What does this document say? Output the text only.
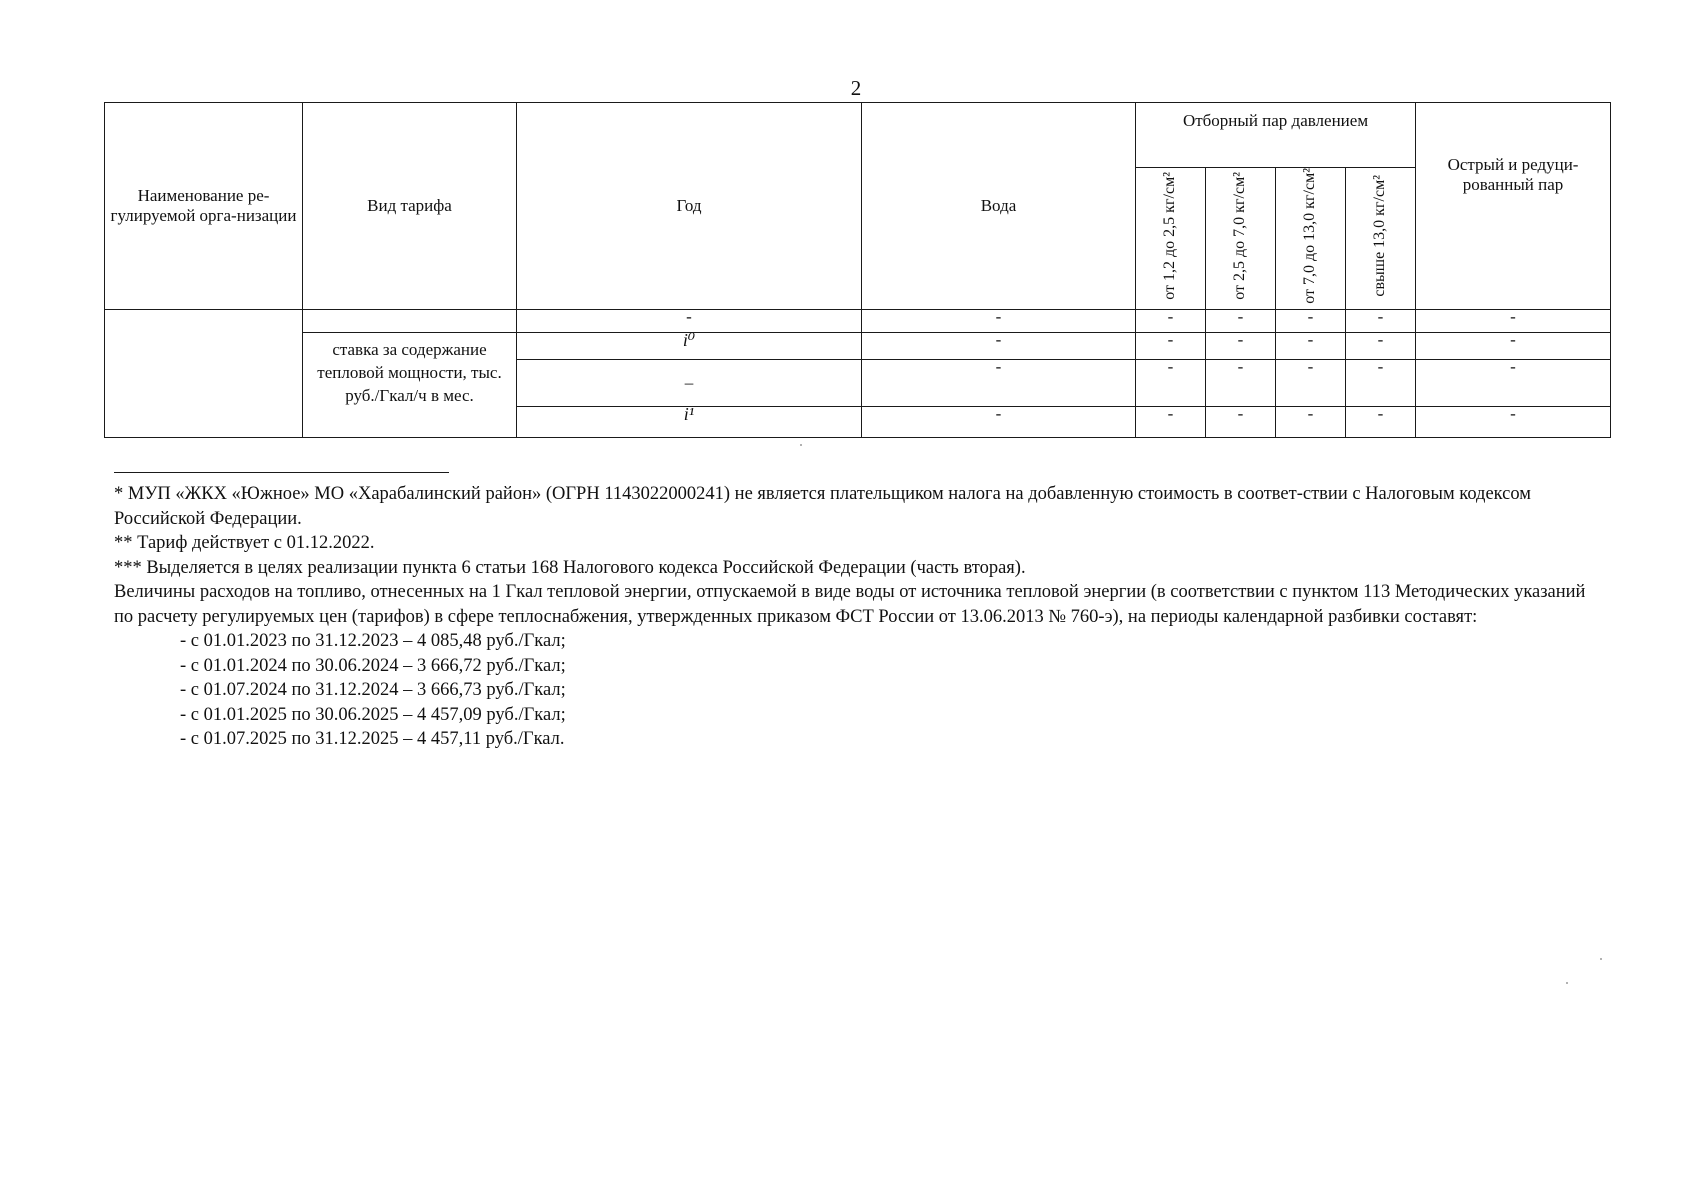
2
Наименование ре-гулируемой орга-низации	Вид тарифа	Год	Вода	Отборный пар давлением				Острый и редуци-рованный пар
				от 1,2 до 2,5 кг/см²	от 2,5 до 7,0 кг/см²	от 7,0 до 13,0 кг/см²	свыше 13,0 кг/см²	
		-	-	-	-	-	-	-
	ставка за содержание тепловой мощности, тыс. руб./Гкал/ч в мес.	i⁰	-	-	-	-	-	-
		–	-	-	-	-	-	-
		i¹	-	-	-	-	-	-

* МУП «ЖКХ «Южное» МО «Харабалинский район» (ОГРН 1143022000241) не является плательщиком налога на добавленную стоимость в соответ-ствии с Налоговым кодексом Российской Федерации.

** Тариф действует с 01.12.2022.

*** Выделяется в целях реализации пункта 6 статьи 168 Налогового кодекса Российской Федерации (часть вторая).

Величины расходов на топливо, отнесенных на 1 Гкал тепловой энергии, отпускаемой в виде воды от источника тепловой энергии (в соответствии с пунктом 113 Методических указаний по расчету регулируемых цен (тарифов) в сфере теплоснабжения, утвержденных приказом ФСТ России от 13.06.2013 № 760-э), на периоды календарной разбивки составят:

- с 01.01.2023 по 31.12.2023 – 4 085,48 руб./Гкал;
- с 01.01.2024 по 30.06.2024 – 3 666,72 руб./Гкал;
- с 01.07.2024 по 31.12.2024 – 3 666,73 руб./Гкал;
- с 01.01.2025 по 30.06.2025 – 4 457,09 руб./Гкал;
- с 01.07.2025 по 31.12.2025 – 4 457,11 руб./Гкал.
